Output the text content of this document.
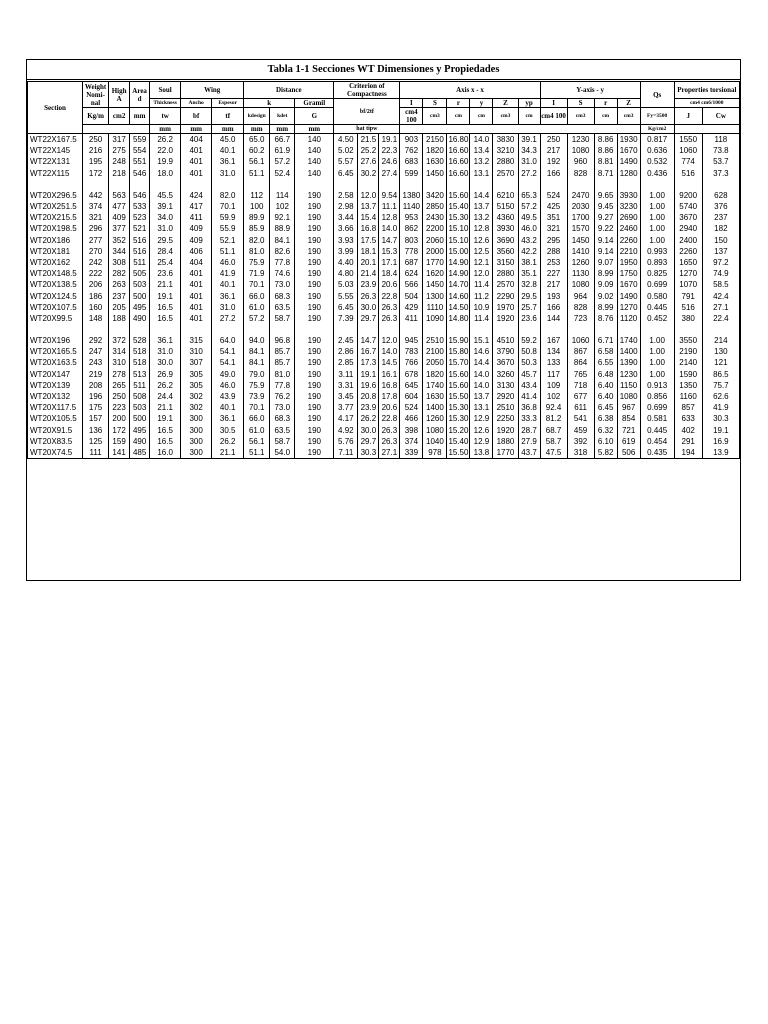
Tabla 1-1 Secciones WT Dimensiones y Propiedades
Section	Weight Nomi- nal	High A	Area d	Soul	Wing		Distance			Criterion of Compactness			Axis x - x						Y-axis - y				Qs	Properties torsional	
				Thickness	Ancho	Espesor	k		Gramil	bf/2tf			I	S	r	y	Z	yp	I	S	r	Z		cm4 cm6/1000	
	Kg/m	cm2	mm	tw	bf	tf	kdesign	kdet	G				cm4 100	cm3	cm	cm	cm3	cm	cm4 100	cm3	cm	cm3	Fy=3500	J	Cw
				mm	mm	mm	mm	mm	mm	hat tipw													Kg/cm2		
WT22X167.5	250	317	559	26.2	404	45.0	65.0	66.7	140	4.50	21.5	19.1	903	2150	16.80	14.0	3830	39.1	250	1230	8.86	1930	0.817	1550	118
WT22X145	216	275	554	22.0	401	40.1	60.2	61.9	140	5.02	25.2	22.3	762	1820	16.60	13.4	3210	34.3	217	1080	8.86	1670	0.636	1060	73.8
WT22X131	195	248	551	19.9	401	36.1	56.1	57.2	140	5.57	27.6	24.6	683	1630	16.60	13.2	2880	31.0	192	960	8.81	1490	0.532	774	53.7
WT22X115	172	218	546	18.0	401	31.0	51.1	52.4	140	6.45	30.2	27.4	599	1450	16.60	13.1	2570	27.2	166	828	8.71	1280	0.436	516	37.3

WT20X296.5	442	563	546	45.5	424	82.0	112	114	190	2.58	12.0	9.54	1380	3420	15.60	14.4	6210	65.3	524	2470	9.65	3930	1.00	9200	628
WT20X251.5	374	477	533	39.1	417	70.1	100	102	190	2.98	13.7	11.1	1140	2850	15.40	13.7	5150	57.2	425	2030	9.45	3230	1.00	5740	376
WT20X215.5	321	409	523	34.0	411	59.9	89.9	92.1	190	3.44	15.4	12.8	953	2430	15.30	13.2	4360	49.5	351	1700	9.27	2690	1.00	3670	237
WT20X198.5	296	377	521	31.0	409	55.9	85.9	88.9	190	3.66	16.8	14.0	862	2200	15.10	12.8	3930	46.0	321	1570	9.22	2460	1.00	2940	182
WT20X186	277	352	516	29.5	409	52.1	82.0	84.1	190	3.93	17.5	14.7	803	2060	15.10	12.6	3690	43.2	295	1450	9.14	2260	1.00	2400	150
WT20X181	270	344	516	28.4	406	51.1	81.0	82.6	190	3.99	18.1	15.3	778	2000	15.00	12.5	3560	42.2	288	1410	9.14	2210	0.993	2260	137
WT20X162	242	308	511	25.4	404	46.0	75.9	77.8	190	4.40	20.1	17.1	687	1770	14.90	12.1	3150	38.1	253	1260	9.07	1950	0.893	1650	97.2
WT20X148.5	222	282	505	23.6	401	41.9	71.9	74.6	190	4.80	21.4	18.4	624	1620	14.90	12.0	2880	35.1	227	1130	8.99	1750	0.825	1270	74.9
WT20X138.5	206	263	503	21.1	401	40.1	70.1	73.0	190	5.03	23.9	20.6	566	1450	14.70	11.4	2570	32.8	217	1080	9.09	1670	0.699	1070	58.5
WT20X124.5	186	237	500	19.1	401	36.1	66.0	68.3	190	5.55	26.3	22.8	504	1300	14.60	11.2	2290	29.5	193	964	9.02	1490	0.580	791	42.4
WT20X107.5	160	205	495	16.5	401	31.0	61.0	63.5	190	6.45	30.0	26.3	429	1110	14.50	10.9	1970	25.7	166	828	8.99	1270	0.445	516	27.1
WT20X99.5	148	188	490	16.5	401	27.2	57.2	58.7	190	7.39	29.7	26.3	411	1090	14.80	11.4	1920	23.6	144	723	8.76	1120	0.452	380	22.4

WT20X196	292	372	528	36.1	315	64.0	94.0	96.8	190	2.45	14.7	12.0	945	2510	15.90	15.1	4510	59.2	167	1060	6.71	1740	1.00	3550	214
WT20X165.5	247	314	518	31.0	310	54.1	84.1	85.7	190	2.86	16.7	14.0	783	2100	15.80	14.6	3790	50.8	134	867	6.58	1400	1.00	2190	130
WT20X163.5	243	310	518	30.0	307	54.1	84.1	85.7	190	2.85	17.3	14.5	766	2050	15.70	14.4	3670	50.3	133	864	6.55	1390	1.00	2140	121
WT20X147	219	278	513	26.9	305	49.0	79.0	81.0	190	3.11	19.1	16.1	678	1820	15.60	14.0	3260	45.7	117	765	6.48	1230	1.00	1590	86.5
WT20X139	208	265	511	26.2	305	46.0	75.9	77.8	190	3.31	19.6	16.8	645	1740	15.60	14.0	3130	43.4	109	718	6.40	1150	0.913	1350	75.7
WT20X132	196	250	508	24.4	302	43.9	73.9	76.2	190	3.45	20.8	17.8	604	1630	15.50	13.7	2920	41.4	102	677	6.40	1080	0.856	1160	62.6
WT20X117.5	175	223	503	21.1	302	40.1	70.1	73.0	190	3.77	23.9	20.6	524	1400	15.30	13.1	2510	36.8	92.4	611	6.45	967	0.699	857	41.9
WT20X105.5	157	200	500	19.1	300	36.1	66.0	68.3	190	4.17	26.2	22.8	466	1260	15.30	12.9	2250	33.3	81.2	541	6.38	854	0.581	633	30.3
WT20X91.5	136	172	495	16.5	300	30.5	61.0	63.5	190	4.92	30.0	26.3	398	1080	15.20	12.6	1920	28.7	68.7	459	6.32	721	0.445	402	19.1
WT20X83.5	125	159	490	16.5	300	26.2	56.1	58.7	190	5.76	29.7	26.3	374	1040	15.40	12.9	1880	27.9	58.7	392	6.10	619	0.454	291	16.9
WT20X74.5	111	141	485	16.0	300	21.1	51.1	54.0	190	7.11	30.3	27.1	339	978	15.50	13.8	1770	43.7	47.5	318	5.82	506	0.435	194	13.9
